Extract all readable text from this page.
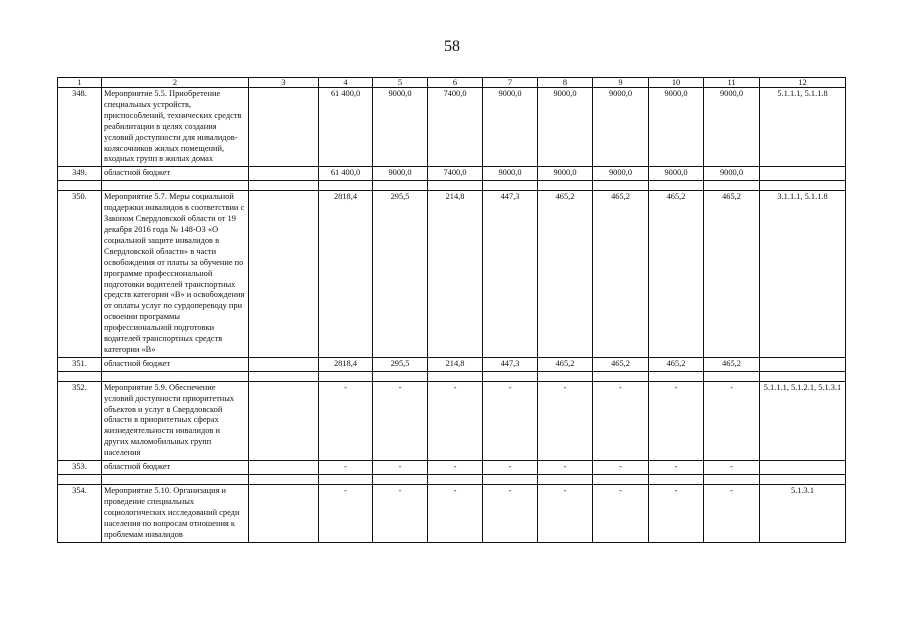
58
1	2	3	4	5	6	7	8	9	10	11	12
348.	Мероприятие 5.5. Приобретение специальных устройств, приспособлений, технических средств реабилитации в целях создания условий доступности для инвалидов-колясочников жилых помещений, входных групп в жилых домах		61 400,0	9000,0	7400,0	9000,0	9000,0	9000,0	9000,0	9000,0	5.1.1.1, 5.1.1.8
349.	областной бюджет		61 400,0	9000,0	7400,0	9000,0	9000,0	9000,0	9000,0	9000,0	

350.	Мероприятие 5.7. Меры социальной поддержки инвалидов в соответствии с Законом Свердловской области от 19 декабря 2016 года № 148-ОЗ «О социальной защите инвалидов в Свердловской области» в части освобождения от платы за обучение по программе профессиональной подготовки водителей транспортных средств категории «В» и освобождения от оплаты услуг по сурдопереводу при освоении программы профессиональной подготовки водителей транспортных средств категории «В»		2818,4	295,5	214,8	447,3	465,2	465,2	465,2	465,2	3.1.1.1, 5.1.1.8
351.	областной бюджет		2818,4	295,5	214,8	447,3	465,2	465,2	465,2	465,2	

352.	Мероприятие 5.9. Обеспечение условий доступности приоритетных объектов и услуг в Свердловской области в приоритетных сферах жизнедеятельности инвалидов и других маломобильных групп населения		-	-	-	-	-	-	-	-	5.1.1.1, 5.1.2.1, 5.1.3.1
353.	областной бюджет		-	-	-	-	-	-	-	-	

354.	Мероприятие 5.10. Организация и проведение специальных социологических исследований среди населения по вопросам отношения к проблемам инвалидов		-	-	-	-	-	-	-	-	5.1.3.1
